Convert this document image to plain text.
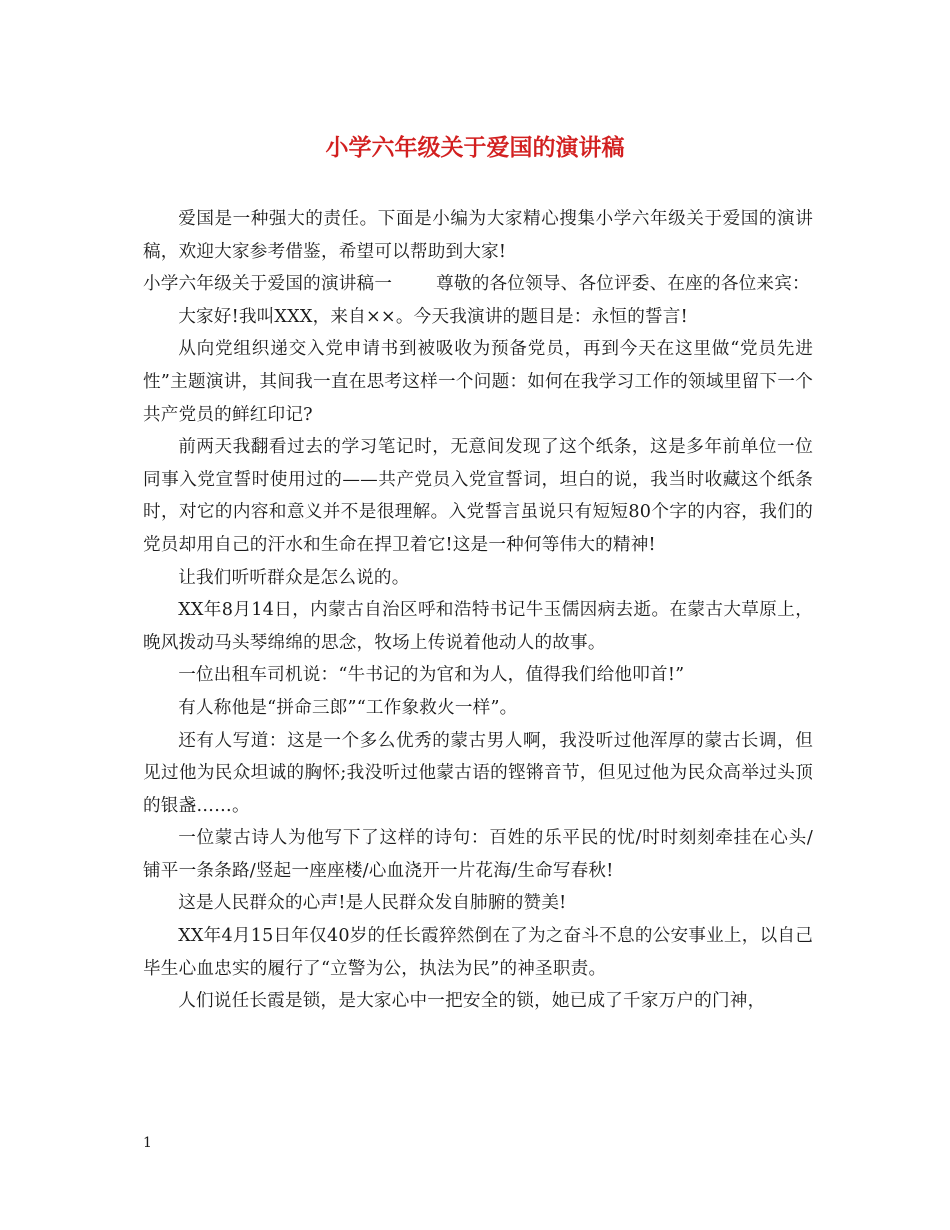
小学六年级关于爱国的演讲稿

爱国是一种强大的责任。下面是小编为大家精心搜集小学六年级关于爱国的演讲稿，欢迎大家参考借鉴，希望可以帮助到大家!

小学六年级关于爱国的演讲稿一	尊敬的各位领导、各位评委、在座的各位来宾：

大家好!我叫XXX，来自××。今天我演讲的题目是：永恒的誓言!

从向党组织递交入党申请书到被吸收为预备党员，再到今天在这里做“党员先进性”主题演讲，其间我一直在思考这样一个问题：如何在我学习工作的领域里留下一个共产党员的鲜红印记?

前两天我翻看过去的学习笔记时，无意间发现了这个纸条，这是多年前单位一位同事入党宣誓时使用过的——共产党员入党宣誓词，坦白的说，我当时收藏这个纸条时，对它的内容和意义并不是很理解。入党誓言虽说只有短短80个字的内容，我们的党员却用自己的汗水和生命在捍卫着它!这是一种何等伟大的精神!

让我们听听群众是怎么说的。

XX年8月14日，内蒙古自治区呼和浩特书记牛玉儒因病去逝。在蒙古大草原上，晚风拨动马头琴绵绵的思念，牧场上传说着他动人的故事。

一位出租车司机说：“牛书记的为官和为人，值得我们给他叩首!”

有人称他是“拼命三郎”“工作象救火一样”。

还有人写道：这是一个多么优秀的蒙古男人啊，我没听过他浑厚的蒙古长调，但见过他为民众坦诚的胸怀;我没听过他蒙古语的铿锵音节，但见过他为民众高举过头顶的银盏……。

一位蒙古诗人为他写下了这样的诗句：百姓的乐平民的忧/时时刻刻牵挂在心头/铺平一条条路/竖起一座座楼/心血浇开一片花海/生命写春秋!

这是人民群众的心声!是人民群众发自肺腑的赞美!

XX年4月15日年仅40岁的任长霞猝然倒在了为之奋斗不息的公安事业上，以自己毕生心血忠实的履行了“立警为公，执法为民”的神圣职责。

人们说任长霞是锁，是大家心中一把安全的锁，她已成了千家万户的门神，

1
